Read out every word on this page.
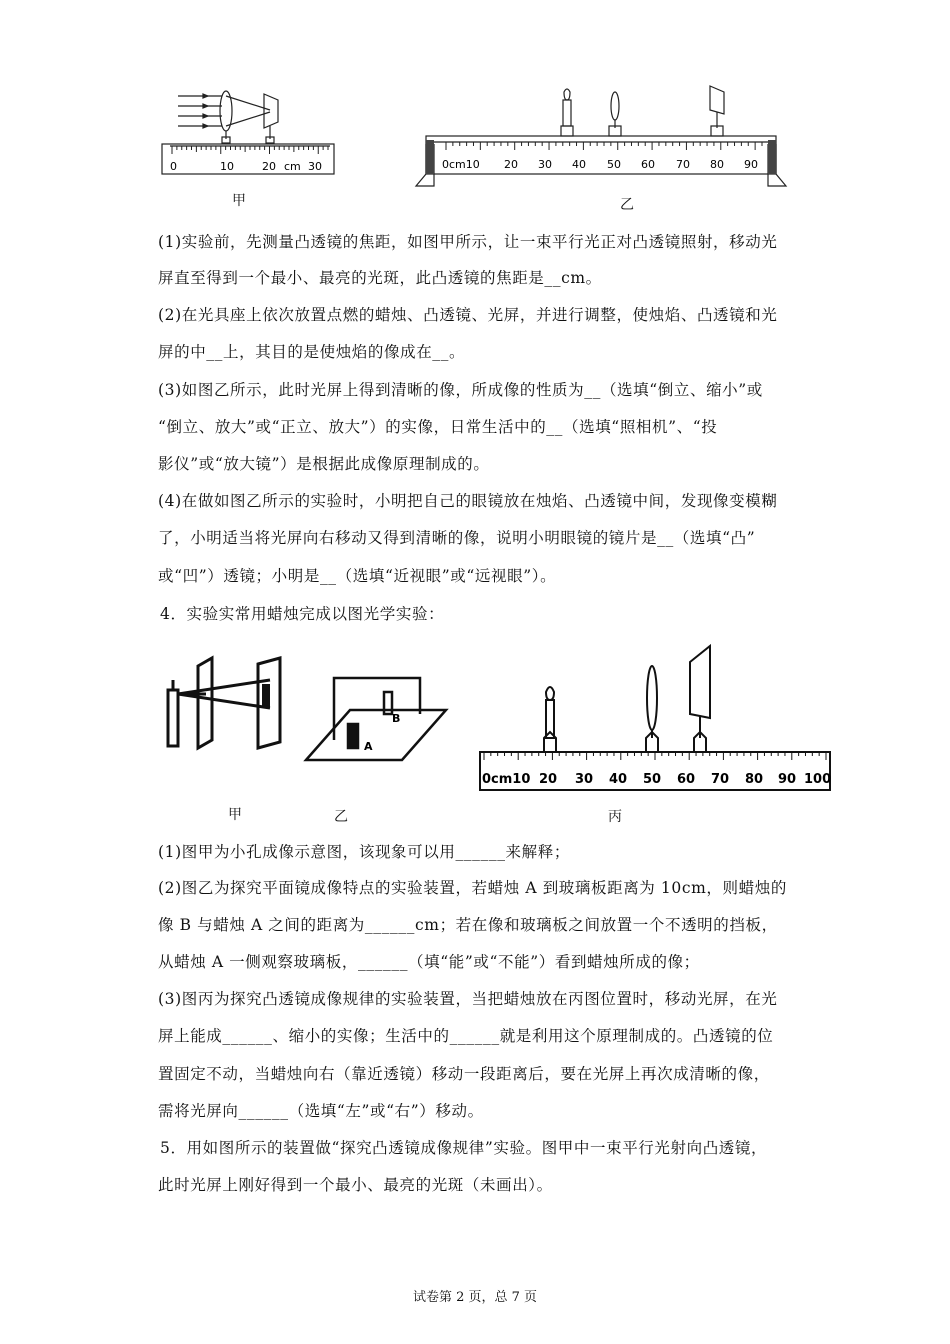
0	10	20 cm 30
甲
0cm10 20 30 40 50 60 70 80 90
乙
(1)实验前，先测量凸透镜的焦距，如图甲所示，让一束平行光正对凸透镜照射，移动光
屏直至得到一个最小、最亮的光斑，此凸透镜的焦距是__cm。
(2)在光具座上依次放置点燃的蜡烛、凸透镜、光屏，并进行调整，使烛焰、凸透镜和光
屏的中__上，其目的是使烛焰的像成在__。
(3)如图乙所示，此时光屏上得到清晰的像，所成像的性质为__（选填“倒立、缩小”或
“倒立、放大”或“正立、放大”）的实像，日常生活中的__（选填“照相机”、“投
影仪”或“放大镜”）是根据此成像原理制成的。
(4)在做如图乙所示的实验时，小明把自己的眼镜放在烛焰、凸透镜中间，发现像变模糊
了，小明适当将光屏向右移动又得到清晰的像，说明小明眼镜的镜片是__（选填“凸”
或“凹”）透镜；小明是__（选填“近视眼”或“远视眼”）。
4．实验实常用蜡烛完成以图光学实验：
甲
B
A
乙
0cm10 20 30 40 50 60 70 80 90 100
丙
(1)图甲为小孔成像示意图，该现象可以用______来解释；
(2)图乙为探究平面镜成像特点的实验装置，若蜡烛 A 到玻璃板距离为 10cm，则蜡烛的
像 B 与蜡烛 A 之间的距离为______cm；若在像和玻璃板之间放置一个不透明的挡板，
从蜡烛 A 一侧观察玻璃板，______（填“能”或“不能”）看到蜡烛所成的像；
(3)图丙为探究凸透镜成像规律的实验装置，当把蜡烛放在丙图位置时，移动光屏，在光
屏上能成______、缩小的实像；生活中的______就是利用这个原理制成的。凸透镜的位
置固定不动，当蜡烛向右（靠近透镜）移动一段距离后，要在光屏上再次成清晰的像，
需将光屏向______（选填“左”或“右”）移动。
5．用如图所示的装置做“探究凸透镜成像规律”实验。图甲中一束平行光射向凸透镜，
此时光屏上刚好得到一个最小、最亮的光斑（未画出）。
试卷第 2 页，总 7 页
